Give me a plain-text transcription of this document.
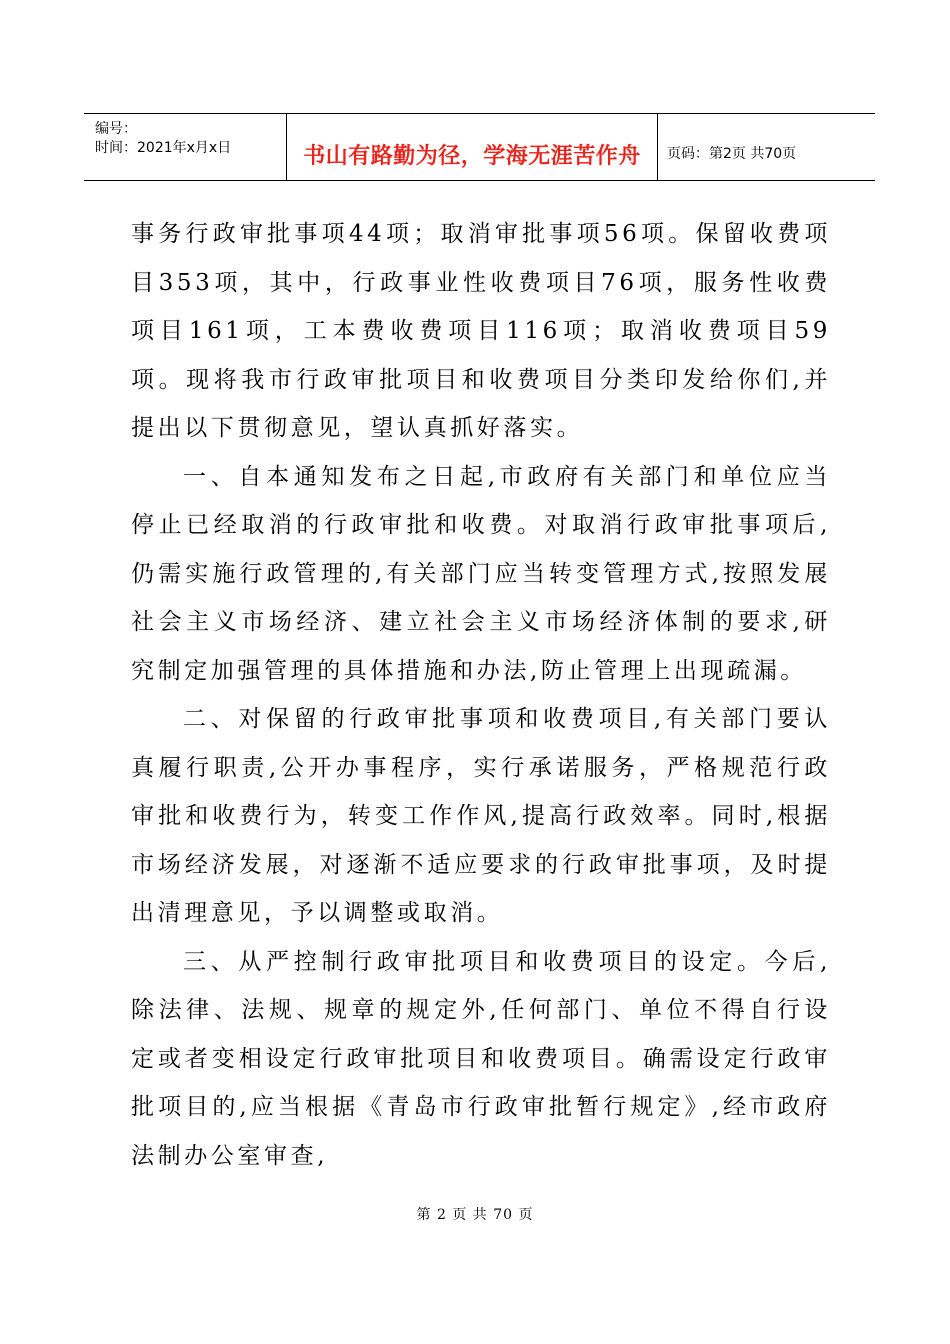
编号：
时间：2021年x月x日	书山有路勤为径，学海无涯苦作舟 页码：第2页 共70页

事务行政审批事项44项；取消审批事项56项。保留收费项目353项，其中，行政事业性收费项目76项，服务性收费项目161项，工本费收费项目116项；取消收费项目59项。现将我市行政审批项目和收费项目分类印发给你们,并提出以下贯彻意见，望认真抓好落实。

一、自本通知发布之日起,市政府有关部门和单位应当停止已经取消的行政审批和收费。对取消行政审批事项后,仍需实施行政管理的,有关部门应当转变管理方式,按照发展社会主义市场经济、建立社会主义市场经济体制的要求,研究制定加强管理的具体措施和办法,防止管理上出现疏漏。

二、对保留的行政审批事项和收费项目,有关部门要认真履行职责,公开办事程序，实行承诺服务，严格规范行政审批和收费行为，转变工作作风,提高行政效率。同时,根据市场经济发展，对逐渐不适应要求的行政审批事项，及时提出清理意见，予以调整或取消。

三、从严控制行政审批项目和收费项目的设定。今后,除法律、法规、规章的规定外,任何部门、单位不得自行设定或者变相设定行政审批项目和收费项目。确需设定行政审批项目的,应当根据《青岛市行政审批暂行规定》,经市政府法制办公室审查,

第 2 页 共 70 页
